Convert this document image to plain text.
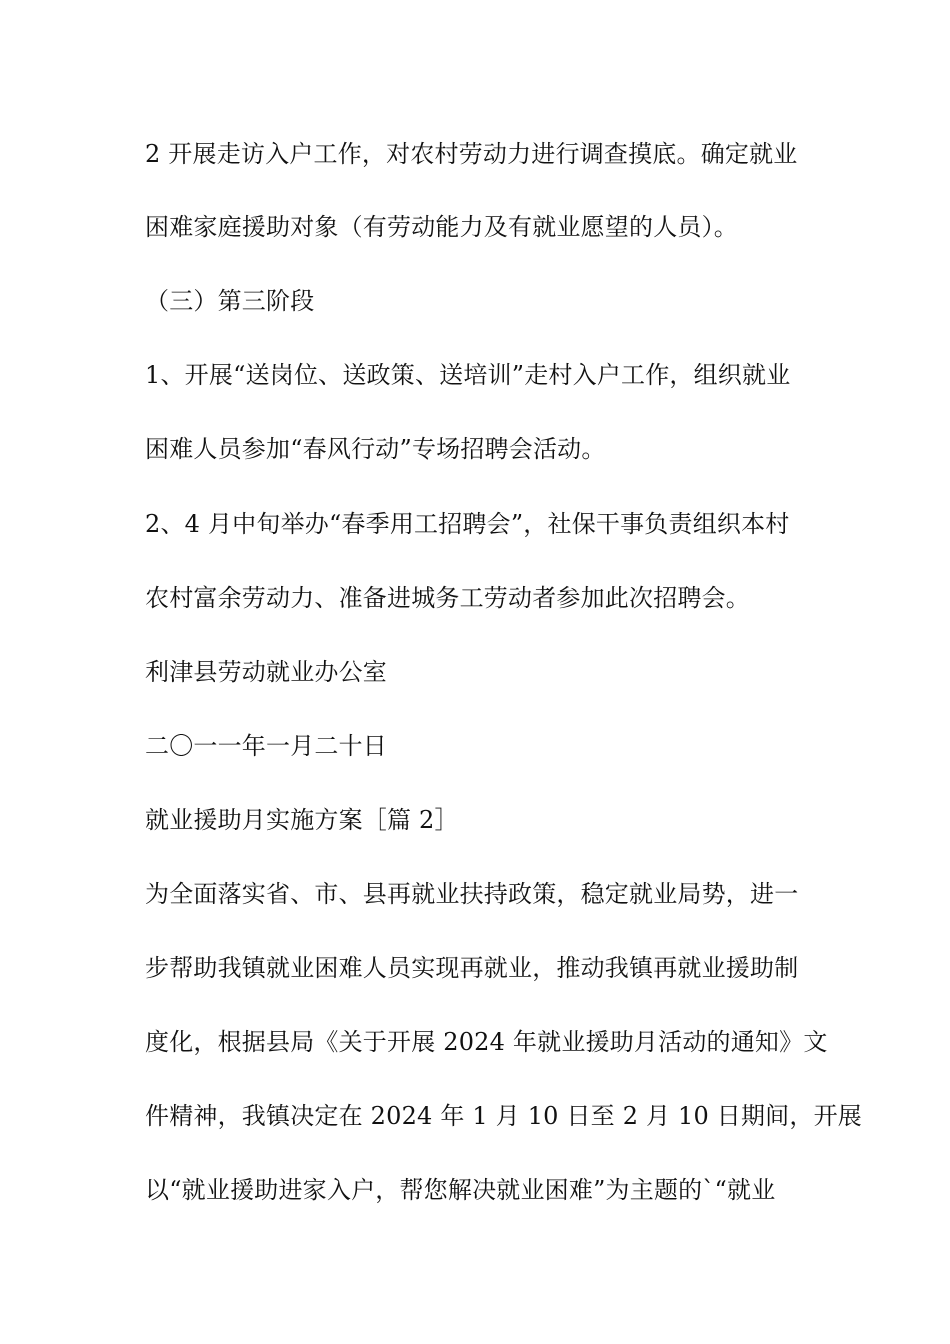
2 开展走访入户工作，对农村劳动力进行调查摸底。确定就业
困难家庭援助对象（有劳动能力及有就业愿望的人员）。
（三）第三阶段
1、开展“送岗位、送政策、送培训”走村入户工作，组织就业
困难人员参加“春风行动”专场招聘会活动。
2、4 月中旬举办“春季用工招聘会”，社保干事负责组织本村
农村富余劳动力、准备进城务工劳动者参加此次招聘会。
利津县劳动就业办公室
二〇一一年一月二十日
就业援助月实施方案［篇 2］
为全面落实省、市、县再就业扶持政策，稳定就业局势，进一
步帮助我镇就业困难人员实现再就业，推动我镇再就业援助制
度化，根据县局《关于开展 2024 年就业援助月活动的通知》文
件精神，我镇决定在 2024 年 1 月 10 日至 2 月 10 日期间，开展
以“就业援助进家入户，帮您解决就业困难”为主题的`“就业
